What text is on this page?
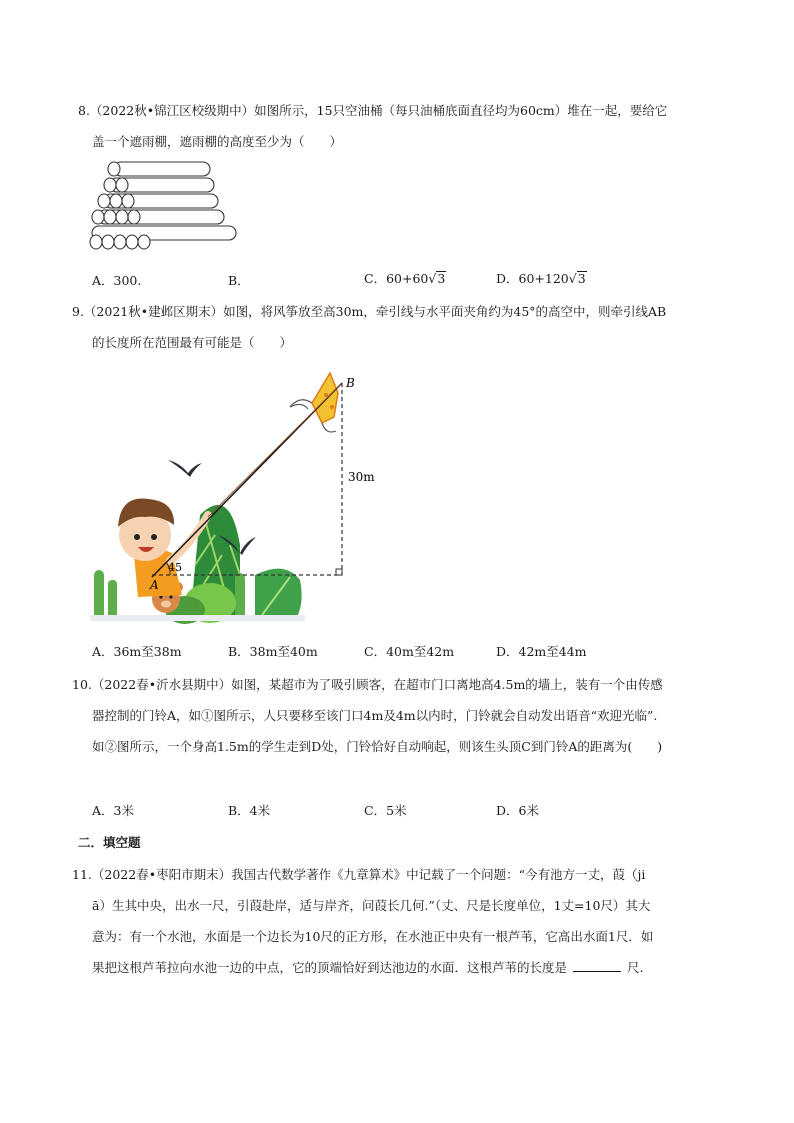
8.（2022秋•锦江区校级期中）如图所示，15只空油桶（每只油桶底面直径均为60cm）堆在一起，要给它
盖一个遮雨棚，遮雨棚的高度至少为（　　）
A．300.	B．	C．60+60√3	D．60+120√3
9.（2021秋•建邺区期末）如图，将风筝放至高30m，牵引线与水平面夹角约为45°的高空中，则牵引线AB
的长度所在范围最有可能是（　　）
B
A
30m
45
A．36m至38m	B．38m至40m	C．40m至42m	D．42m至44m
10.（2022春•沂水县期中）如图，某超市为了吸引顾客，在超市门口离地高4.5m的墙上，装有一个由传感
器控制的门铃A，如①图所示，人只要移至该门口4m及4m以内时，门铃就会自动发出语音“欢迎光临”.
如②图所示，一个身高1.5m的学生走到D处，门铃恰好自动响起，则该生头顶C到门铃A的距离为(　　)
A．3米	B．4米	C．5米	D．6米
二．填空题
11.（2022春•枣阳市期末）我国古代数学著作《九章算术》中记载了一个问题：“今有池方一丈，葭（ji
ā）生其中央，出水一尺，引葭赴岸，适与岸齐，问葭长几何.”（丈、尺是长度单位，1丈=10尺）其大
意为：有一个水池，水面是一个边长为10尺的正方形，在水池正中央有一根芦苇，它高出水面1尺．如
果把这根芦苇拉向水池一边的中点，它的顶端恰好到达池边的水面．这根芦苇的长度是	尺.
